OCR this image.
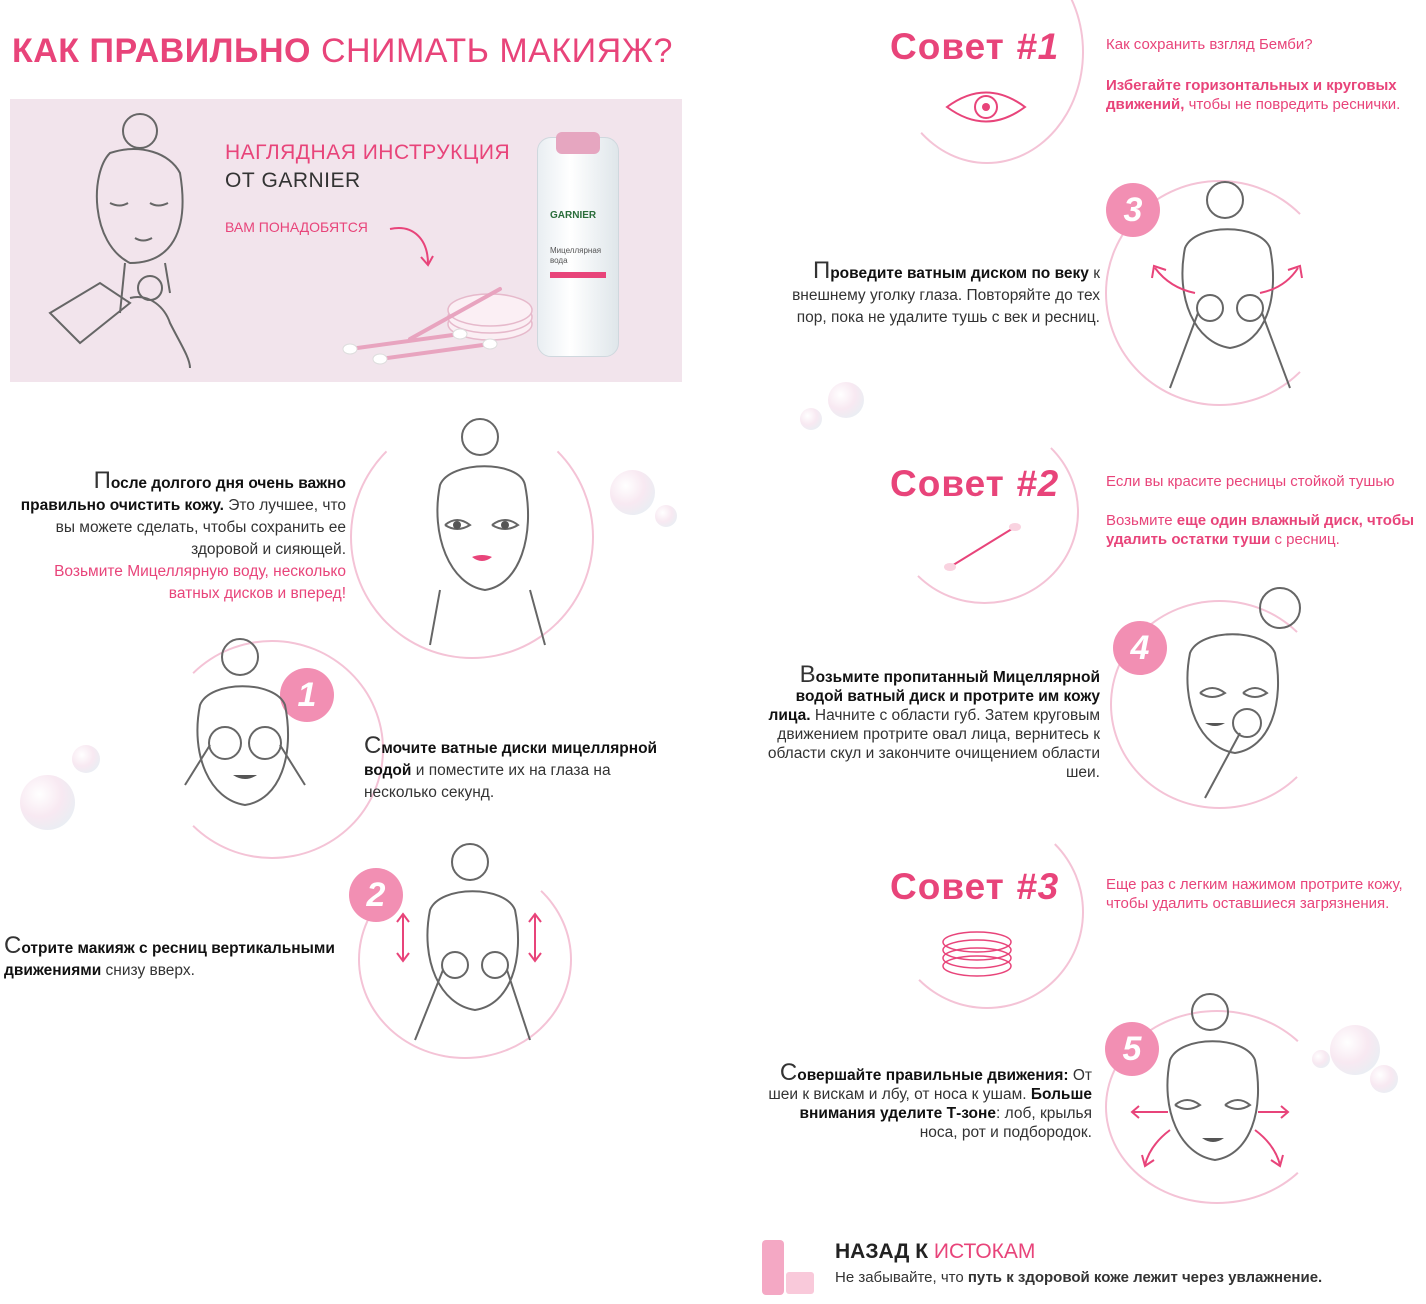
КАК ПРАВИЛЬНО СНИМАТЬ МАКИЯЖ?
НАГЛЯДНАЯ ИНСТРУКЦИЯ
ОТ GARNIER
ВАМ ПОНАДОБЯТСЯ
GARNIER
Мицеллярная
вода
После долгого дня очень важно правильно очистить кожу. Это лучшее, что вы можете сделать, чтобы сохранить ее здоровой и сияющей.
Возьмите Мицеллярную воду, несколько ватных дисков и вперед!
1
Смочите ватные диски мицеллярной водой и поместите их на глаза на несколько секунд.
2
Сотрите макияж с ресниц вертикальными движениями снизу вверх.
Совет #1	Как сохранить взгляд Бемби?
Избегайте горизонтальных и круговых движений, чтобы не повредить реснички.
3
Проведите ватным диском по веку к внешнему уголку глаза. Повторяйте до тех пор, пока не удалите тушь с век и ресниц.
Совет #2	Если вы красите ресницы стойкой тушью
Возьмите еще один влажный диск, чтобы удалить остатки туши с ресниц.
4
Возьмите пропитанный Мицеллярной водой ватный диск и протрите им кожу лица. Начните с области губ. Затем круговым движением протрите овал лица, вернитесь к области скул и закончите очищением области шеи.
Совет #3	Еще раз с легким нажимом протрите кожу, чтобы удалить оставшиеся загрязнения.
5
Совершайте правильные движения: От шеи к вискам и лбу, от носа к ушам. Больше внимания уделите Т-зоне: лоб, крылья носа, рот и подбородок.
НАЗАД К ИСТОКАМ
Не забывайте, что путь к здоровой коже лежит через увлажнение.
